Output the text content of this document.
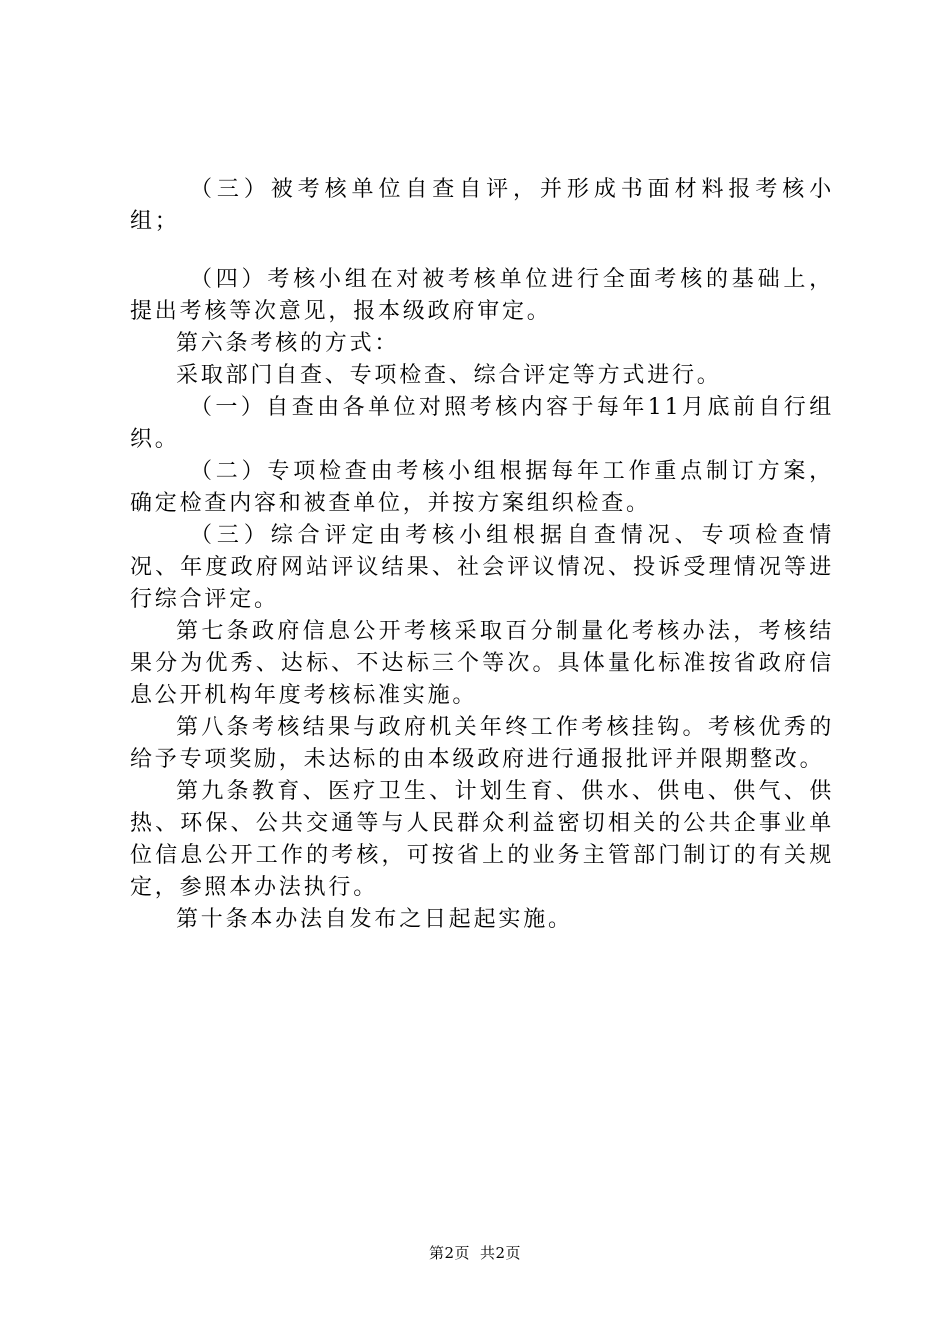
（三）被考核单位自查自评，并形成书面材料报考核小组；

（四）考核小组在对被考核单位进行全面考核的基础上，提出考核等次意见，报本级政府审定。

第六条考核的方式：

采取部门自查、专项检查、综合评定等方式进行。

（一）自查由各单位对照考核内容于每年11月底前自行组织。

（二）专项检查由考核小组根据每年工作重点制订方案，确定检查内容和被查单位，并按方案组织检查。

（三）综合评定由考核小组根据自查情况、专项检查情况、年度政府网站评议结果、社会评议情况、投诉受理情况等进行综合评定。

第七条政府信息公开考核采取百分制量化考核办法，考核结果分为优秀、达标、不达标三个等次。具体量化标准按省政府信息公开机构年度考核标准实施。

第八条考核结果与政府机关年终工作考核挂钩。考核优秀的给予专项奖励，未达标的由本级政府进行通报批评并限期整改。

第九条教育、医疗卫生、计划生育、供水、供电、供气、供热、环保、公共交通等与人民群众利益密切相关的公共企事业单位信息公开工作的考核，可按省上的业务主管部门制订的有关规定，参照本办法执行。

第十条本办法自发布之日起起实施。

第2页 共2页
